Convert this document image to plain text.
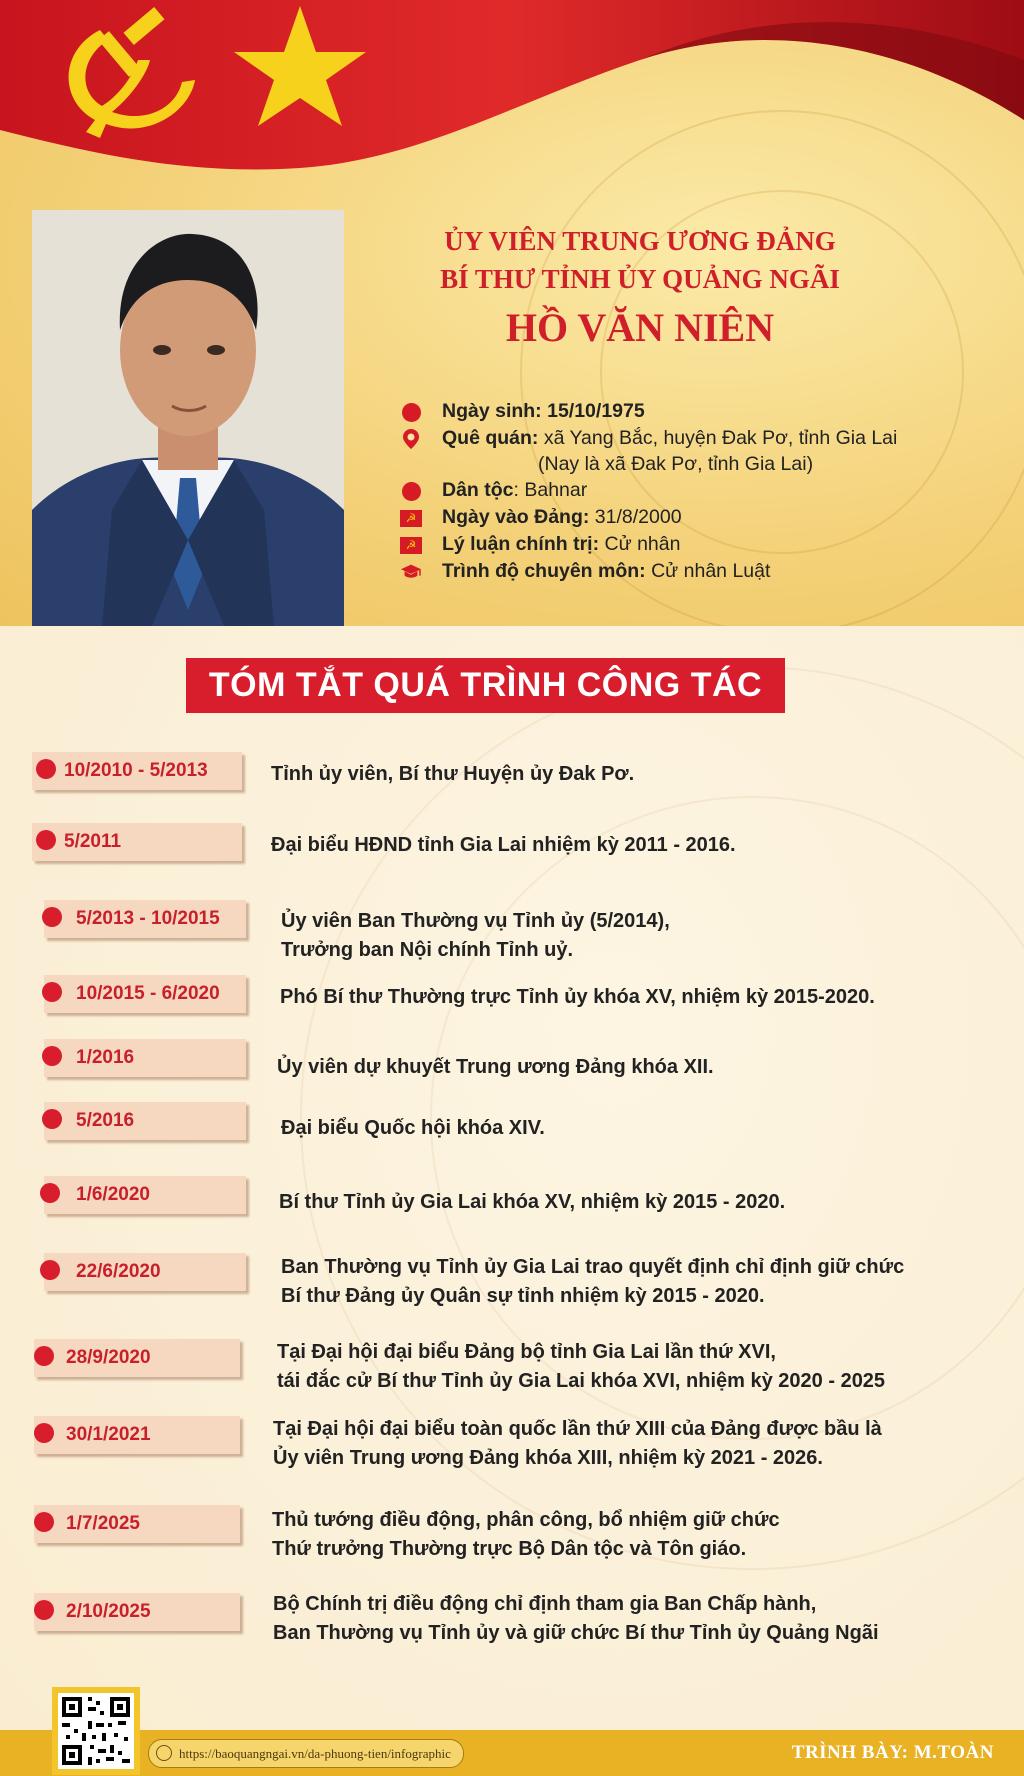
ỦY VIÊN TRUNG ƯƠNG ĐẢNG
BÍ THƯ TỈNH ỦY QUẢNG NGÃI
HỒ VĂN NIÊN
Ngày sinh: 15/10/1975
Quê quán: xã Yang Bắc, huyện Đak Pơ, tỉnh Gia Lai
(Nay là xã Đak Pơ, tỉnh Gia Lai)
Dân tộc: Bahnar
☭ Ngày vào Đảng: 31/8/2000
☭ Lý luận chính trị: Cử nhân
Trình độ chuyên môn: Cử nhân Luật
TÓM TẮT QUÁ TRÌNH CÔNG TÁC
10/2010 - 5/2013	Tỉnh ủy viên, Bí thư Huyện ủy Đak Pơ.
5/2011	Đại biểu HĐND tỉnh Gia Lai nhiệm kỳ 2011 - 2016.
5/2013 - 10/2015	Ủy viên Ban Thường vụ Tỉnh ủy (5/2014),
Trưởng ban Nội chính Tỉnh uỷ.
10/2015 - 6/2020	Phó Bí thư Thường trực Tỉnh ủy khóa XV, nhiệm kỳ 2015-2020.
1/2016	Ủy viên dự khuyết Trung ương Đảng khóa XII.
5/2016	Đại biểu Quốc hội khóa XIV.
1/6/2020	Bí thư Tỉnh ủy Gia Lai khóa XV, nhiệm kỳ 2015 - 2020.
22/6/2020	Ban Thường vụ Tỉnh ủy Gia Lai trao quyết định chỉ định giữ chức
Bí thư Đảng ủy Quân sự tỉnh nhiệm kỳ 2015 - 2020.
28/9/2020	Tại Đại hội đại biểu Đảng bộ tỉnh Gia Lai lần thứ XVI,
tái đắc cử Bí thư Tỉnh ủy Gia Lai khóa XVI, nhiệm kỳ 2020 - 2025
30/1/2021	Tại Đại hội đại biểu toàn quốc lần thứ XIII của Đảng được bầu là
Ủy viên Trung ương Đảng khóa XIII, nhiệm kỳ 2021 - 2026.
1/7/2025	Thủ tướng điều động, phân công, bổ nhiệm giữ chức
Thứ trưởng Thường trực Bộ Dân tộc và Tôn giáo.
2/10/2025	Bộ Chính trị điều động chỉ định tham gia Ban Chấp hành,
Ban Thường vụ Tỉnh ủy và giữ chức Bí thư Tỉnh ủy Quảng Ngãi
https://baoquangngai.vn/da-phuong-tien/infographic	TRÌNH BÀY: M.TOÀN
